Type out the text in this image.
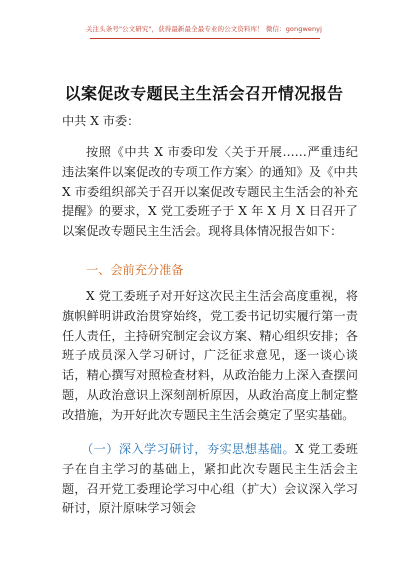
关注头条号"公文研究"，获得最新最全最专业的公文资料库！ 微信：gongwenyj
以案促改专题民主生活会召开情况报告
中共 X 市委：
按照《中共 X 市委印发〈关于开展……严重违纪违法案件以案促改的专项工作方案〉的通知》及《中共 X 市委组织部关于召开以案促改专题民主生活会的补充提醒》的要求，X 党工委班子于 X 年 X 月 X 日召开了以案促改专题民主生活会。现将具体情况报告如下：
一、会前充分准备
X 党工委班子对开好这次民主生活会高度重视，将旗帜鲜明讲政治贯穿始终，党工委书记切实履行第一责任人责任，主持研究制定会议方案、精心组织安排；各班子成员深入学习研讨，广泛征求意见，逐一谈心谈话，精心撰写对照检查材料，从政治能力上深入查摆问题，从政治意识上深刻剖析原因，从政治高度上制定整改措施，为开好此次专题民主生活会奠定了坚实基础。
　　（一）深入学习研讨，夯实思想基础。X 党工委班子在自主学习的基础上，紧扣此次专题民主生活会主题，召开党工委理论学习中心组（扩大）会议深入学习研讨，原汁原味学习领会
